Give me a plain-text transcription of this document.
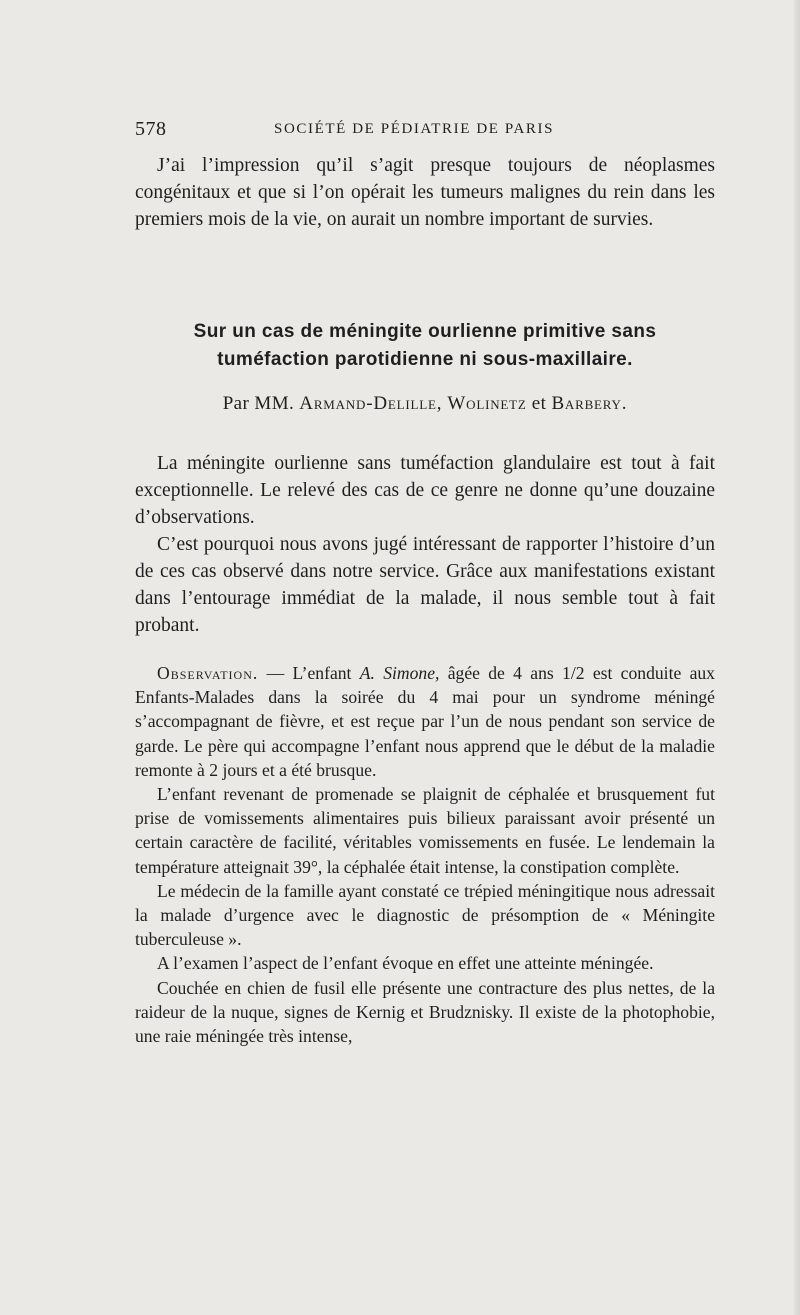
578	SOCIÉTÉ DE PÉDIATRIE DE PARIS

J’ai l’impression qu’il s’agit presque toujours de néoplasmes congénitaux et que si l’on opérait les tumeurs malignes du rein dans les premiers mois de la vie, on aurait un nombre important de survies.

Sur un cas de méningite ourlienne primitive sans
tuméfaction parotidienne ni sous-maxillaire.
Par MM. Armand-Delille, Wolinetz et Barbery.

La méningite ourlienne sans tuméfaction glandulaire est tout à fait exceptionnelle. Le relevé des cas de ce genre ne donne qu’une douzaine d’observations.

C’est pourquoi nous avons jugé intéressant de rapporter l’histoire d’un de ces cas observé dans notre service. Grâce aux manifestations existant dans l’entourage immédiat de la malade, il nous semble tout à fait probant.

Observation. — L’enfant A. Simone, âgée de 4 ans 1/2 est conduite aux Enfants-Malades dans la soirée du 4 mai pour un syndrome méningé s’accompagnant de fièvre, et est reçue par l’un de nous pendant son service de garde. Le père qui accompagne l’enfant nous apprend que le début de la maladie remonte à 2 jours et a été brusque.

L’enfant revenant de promenade se plaignit de céphalée et brusquement fut prise de vomissements alimentaires puis bilieux paraissant avoir présenté un certain caractère de facilité, véritables vomissements en fusée. Le lendemain la température atteignait 39°, la céphalée était intense, la constipation complète.

Le médecin de la famille ayant constaté ce trépied méningitique nous adressait la malade d’urgence avec le diagnostic de présomption de « Méningite tuberculeuse ».

A l’examen l’aspect de l’enfant évoque en effet une atteinte méningée.

Couchée en chien de fusil elle présente une contracture des plus nettes, de la raideur de la nuque, signes de Kernig et Brudznisky. Il existe de la photophobie, une raie méningée très intense,
